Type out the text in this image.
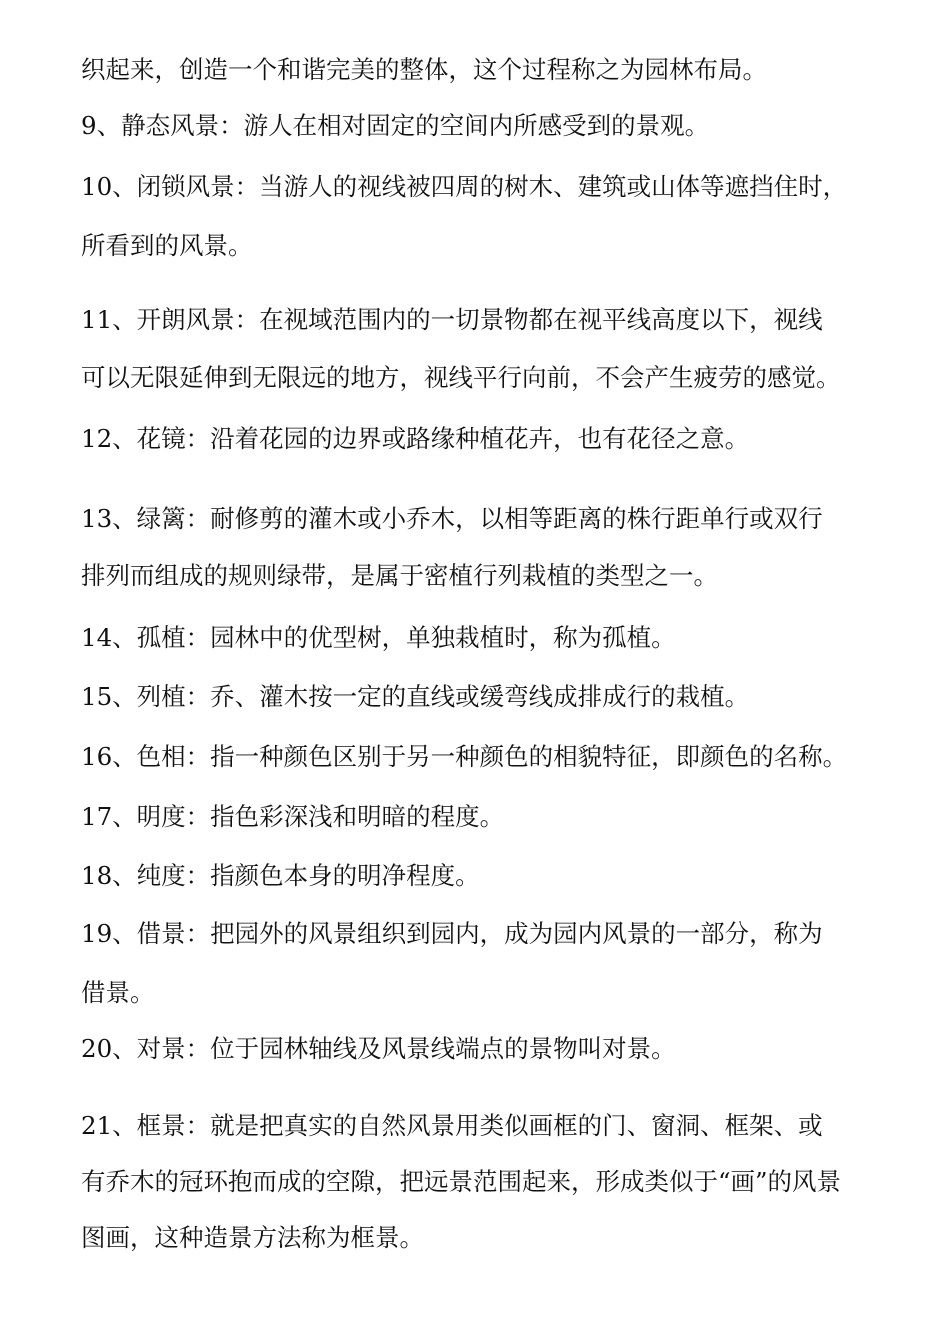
织起来，创造一个和谐完美的整体，这个过程称之为园林布局。
9、静态风景：游人在相对固定的空间内所感受到的景观。
10、闭锁风景：当游人的视线被四周的树木、建筑或山体等遮挡住时，
所看到的风景。
11、开朗风景：在视域范围内的一切景物都在视平线高度以下，视线
可以无限延伸到无限远的地方，视线平行向前，不会产生疲劳的感觉。
12、花镜：沿着花园的边界或路缘种植花卉，也有花径之意。
13、绿篱：耐修剪的灌木或小乔木，以相等距离的株行距单行或双行
排列而组成的规则绿带，是属于密植行列栽植的类型之一。
14、孤植：园林中的优型树，单独栽植时，称为孤植。
15、列植：乔、灌木按一定的直线或缓弯线成排成行的栽植。
16、色相：指一种颜色区别于另一种颜色的相貌特征，即颜色的名称。
17、明度：指色彩深浅和明暗的程度。
18、纯度：指颜色本身的明净程度。
19、借景：把园外的风景组织到园内，成为园内风景的一部分，称为
借景。
20、对景：位于园林轴线及风景线端点的景物叫对景。
21、框景：就是把真实的自然风景用类似画框的门、窗洞、框架、或
有乔木的冠环抱而成的空隙，把远景范围起来，形成类似于“画”的风景
图画，这种造景方法称为框景。
